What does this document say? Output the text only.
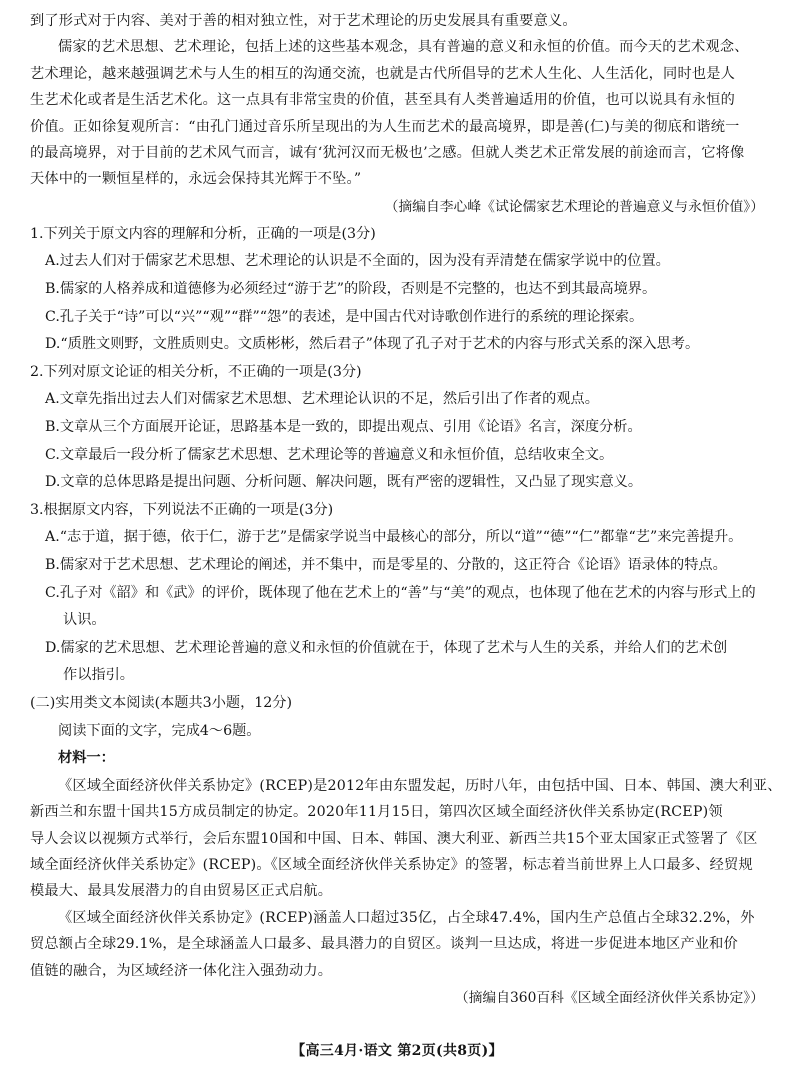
到了形式对于内容、美对于善的相对独立性，对于艺术理论的历史发展具有重要意义。

儒家的艺术思想、艺术理论，包括上述的这些基本观念，具有普遍的意义和永恒的价值。而今天的艺术观念、

艺术理论，越来越强调艺术与人生的相互的沟通交流，也就是古代所倡导的艺术人生化、人生活化，同时也是人

生艺术化或者是生活艺术化。这一点具有非常宝贵的价值，甚至具有人类普遍适用的价值，也可以说具有永恒的

价值。正如徐复观所言：“由孔门通过音乐所呈现出的为人生而艺术的最高境界，即是善(仁)与美的彻底和谐统一

的最高境界，对于目前的艺术风气而言，诚有‘犹河汉而无极也’之感。但就人类艺术正常发展的前途而言，它将像

天体中的一颗恒星样的，永远会保持其光辉于不坠。”

（摘编自李心峰《试论儒家艺术理论的普遍意义与永恒价值》）

1.下列关于原文内容的理解和分析，正确的一项是(3分)

A.过去人们对于儒家艺术思想、艺术理论的认识是不全面的，因为没有弄清楚在儒家学说中的位置。

B.儒家的人格养成和道德修为必须经过“游于艺”的阶段，否则是不完整的，也达不到其最高境界。

C.孔子关于“诗”可以“兴”“观”“群”“怨”的表述，是中国古代对诗歌创作进行的系统的理论探索。

D.“质胜文则野，文胜质则史。文质彬彬，然后君子”体现了孔子对于艺术的内容与形式关系的深入思考。

2.下列对原文论证的相关分析，不正确的一项是(3分)

A.文章先指出过去人们对儒家艺术思想、艺术理论认识的不足，然后引出了作者的观点。

B.文章从三个方面展开论证，思路基本是一致的，即提出观点、引用《论语》名言，深度分析。

C.文章最后一段分析了儒家艺术思想、艺术理论等的普遍意义和永恒价值，总结收束全文。

D.文章的总体思路是提出问题、分析问题、解决问题，既有严密的逻辑性，又凸显了现实意义。

3.根据原文内容，下列说法不正确的一项是(3分)

A.“志于道，据于德，依于仁，游于艺”是儒家学说当中最核心的部分，所以“道”“德”“仁”都靠“艺”来完善提升。

B.儒家对于艺术思想、艺术理论的阐述，并不集中，而是零星的、分散的，这正符合《论语》语录体的特点。

C.孔子对《韶》和《武》的评价，既体现了他在艺术上的“善”与“美”的观点，也体现了他在艺术的内容与形式上的

认识。

D.儒家的艺术思想、艺术理论普遍的意义和永恒的价值就在于，体现了艺术与人生的关系，并给人们的艺术创

作以指引。

(二)实用类文本阅读(本题共3小题，12分)

阅读下面的文字，完成4～6题。

材料一：

《区域全面经济伙伴关系协定》(RCEP)是2012年由东盟发起，历时八年，由包括中国、日本、韩国、澳大利亚、

新西兰和东盟十国共15方成员制定的协定。2020年11月15日，第四次区域全面经济伙伴关系协定(RCEP)领

导人会议以视频方式举行，会后东盟10国和中国、日本、韩国、澳大利亚、新西兰共15个亚太国家正式签署了《区

域全面经济伙伴关系协定》(RCEP)。《区域全面经济伙伴关系协定》的签署，标志着当前世界上人口最多、经贸规

模最大、最具发展潜力的自由贸易区正式启航。

《区域全面经济伙伴关系协定》(RCEP)涵盖人口超过35亿，占全球47.4%，国内生产总值占全球32.2%，外

贸总额占全球29.1%，是全球涵盖人口最多、最具潜力的自贸区。谈判一旦达成，将进一步促进本地区产业和价

值链的融合，为区域经济一体化注入强劲动力。

（摘编自360百科《区域全面经济伙伴关系协定》）

【高三4月·语文 第2页(共8页)】
